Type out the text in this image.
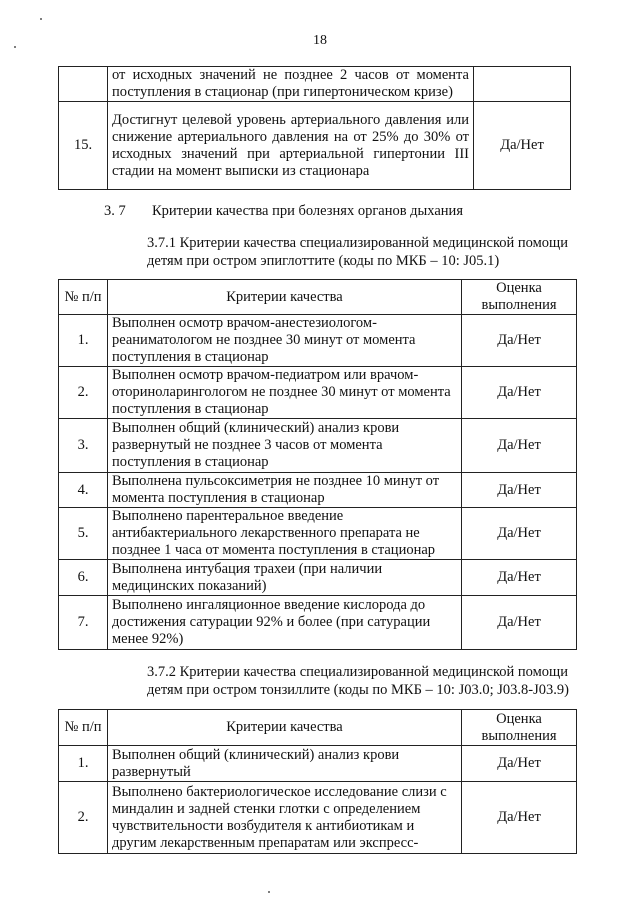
18
	от исходных значений не позднее 2 часов от момента поступления в стационар (при гипертоническом кризе)	
15.	Достигнут целевой уровень артериального давления или снижение артериального давления на от 25% до 30% от исходных значений при артериальной гипертонии III стадии на момент выписки из стационара	Да/Нет
3. 7 Критерии качества при болезнях органов дыхания
3.7.1 Критерии качества специализированной медицинской помощи детям при остром эпиглоттите (коды по МКБ – 10: J05.1)
№ п/п	Критерии качества	Оценка выполнения
1.	Выполнен осмотр врачом-анестезиологом-реаниматологом не позднее 30 минут от момента поступления в стационар	Да/Нет
2.	Выполнен осмотр врачом-педиатром или врачом-оториноларингологом не позднее 30 минут от момента поступления в стационар	Да/Нет
3.	Выполнен общий (клинический) анализ крови развернутый не позднее 3 часов от момента поступления в стационар	Да/Нет
4.	Выполнена пульсоксиметрия не позднее 10 минут от момента поступления в стационар	Да/Нет
5.	Выполнено парентеральное введение антибактериального лекарственного препарата не позднее 1 часа от момента поступления в стационар	Да/Нет
6.	Выполнена интубация трахеи (при наличии медицинских показаний)	Да/Нет
7.	Выполнено ингаляционное введение кислорода до достижения сатурации 92% и более (при сатурации менее 92%)	Да/Нет
3.7.2 Критерии качества специализированной медицинской помощи детям при остром тонзиллите (коды по МКБ – 10: J03.0; J03.8-J03.9)
№ п/п	Критерии качества	Оценка выполнения
1.	Выполнен общий (клинический) анализ крови развернутый	Да/Нет
2.	Выполнено бактериологическое исследование слизи с миндалин и задней стенки глотки с определением чувствительности возбудителя к антибиотикам и другим лекарственным препаратам или экспресс-	Да/Нет
